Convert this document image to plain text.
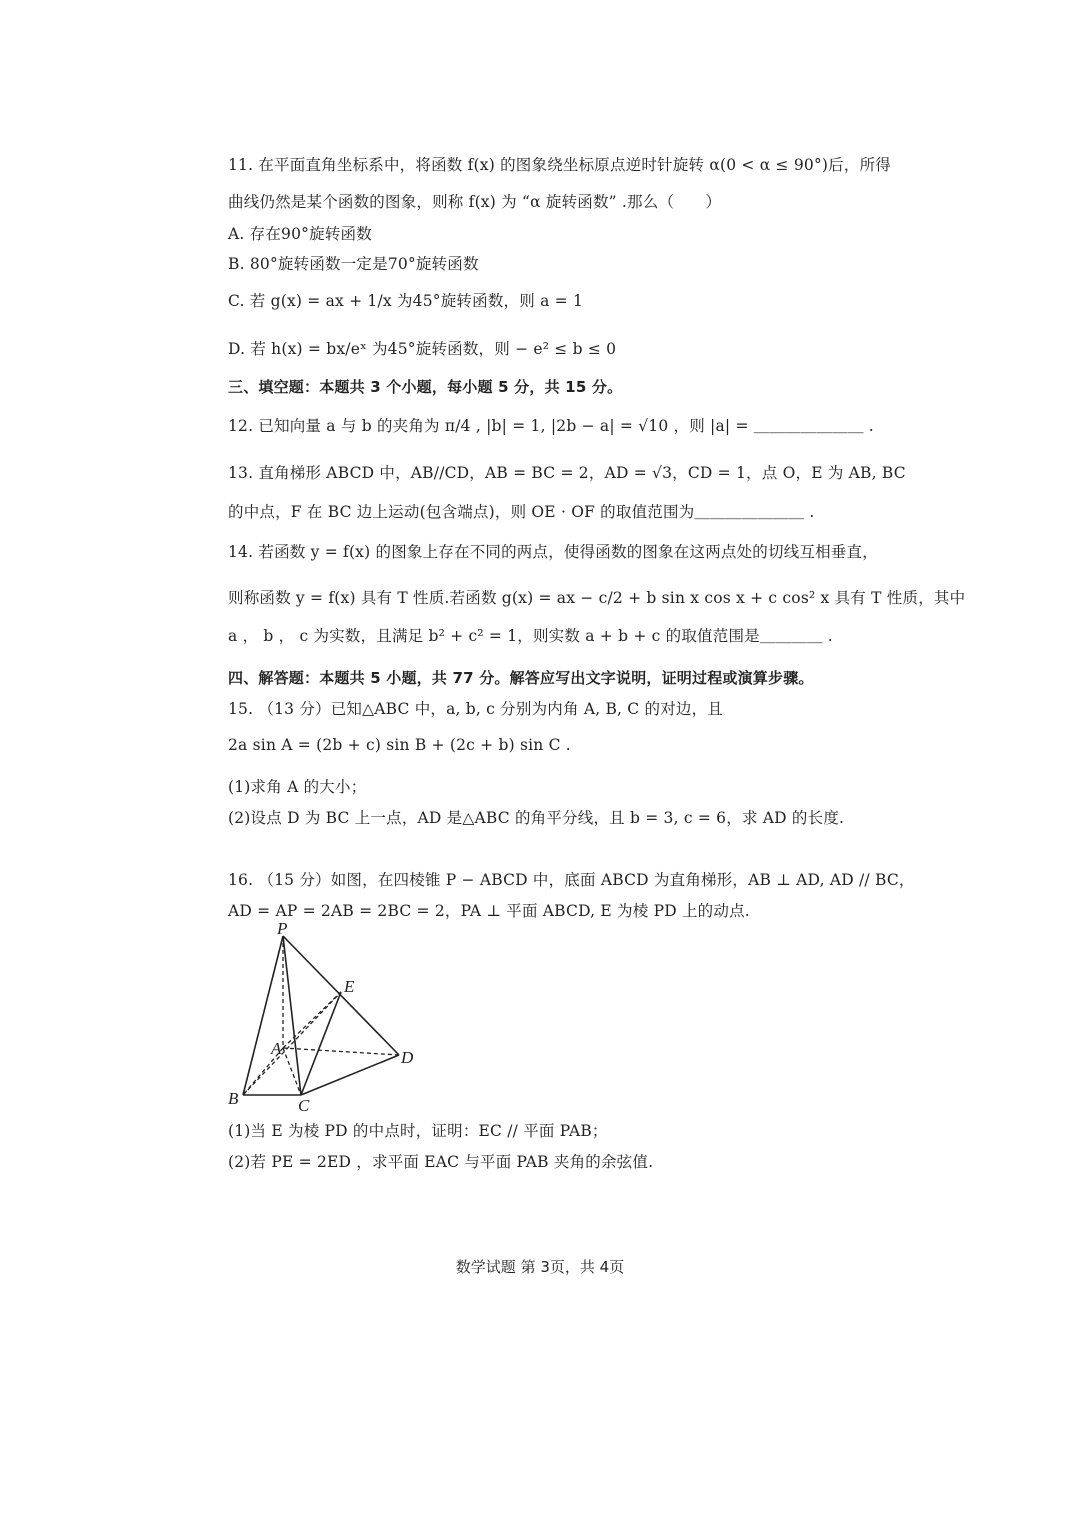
11. 在平面直角坐标系中，将函数 f(x) 的图象绕坐标原点逆时针旋转 α(0 < α ≤ 90°)后，所得
曲线仍然是某个函数的图象，则称 f(x) 为 “α 旋转函数” .那么（　　）
A. 存在90°旋转函数
B. 80°旋转函数一定是70°旋转函数
C. 若 g(x) = ax + 1/x 为45°旋转函数，则 a = 1
D. 若 h(x) = bx/eˣ 为45°旋转函数，则 − e² ≤ b ≤ 0
三、填空题：本题共 3 个小题，每小题 5 分，共 15 分。
12. 已知向量 a 与 b 的夹角为 π/4 , |b| = 1, |2b − a| = √10 ，则 |a| = ＿＿＿＿＿＿＿ .
13. 直角梯形 ABCD 中，AB//CD，AB = BC = 2，AD = √3，CD = 1，点 O，E 为 AB, BC
的中点，F 在 BC 边上运动(包含端点)，则 OE · OF 的取值范围为＿＿＿＿＿＿＿ .
14. 若函数 y = f(x) 的图象上存在不同的两点，使得函数的图象在这两点处的切线互相垂直，
则称函数 y = f(x) 具有 T 性质.若函数 g(x) = ax − c/2 + b sin x cos x + c cos² x 具有 T 性质，其中
a ， b ， c 为实数，且满足 b² + c² = 1，则实数 a + b + c 的取值范围是＿＿＿＿ .
四、解答题：本题共 5 小题，共 77 分。解答应写出文字说明，证明过程或演算步骤。
15. （13 分）已知△ABC 中，a, b, c 分别为内角 A, B, C 的对边，且
2a sin A = (2b + c) sin B + (2c + b) sin C .
(1)求角 A 的大小；
(2)设点 D 为 BC 上一点，AD 是△ABC 的角平分线，且 b = 3, c = 6，求 AD 的长度.
16. （15 分）如图，在四棱锥 P − ABCD 中，底面 ABCD 为直角梯形，AB ⊥ AD, AD // BC，
AD = AP = 2AB = 2BC = 2，PA ⊥ 平面 ABCD, E 为棱 PD 上的动点.
P
E
A	D
B	C
(1)当 E 为棱 PD 的中点时，证明：EC // 平面 PAB；
(2)若 PE = 2ED ，求平面 EAC 与平面 PAB 夹角的余弦值.
数学试题 第 3页，共 4页
